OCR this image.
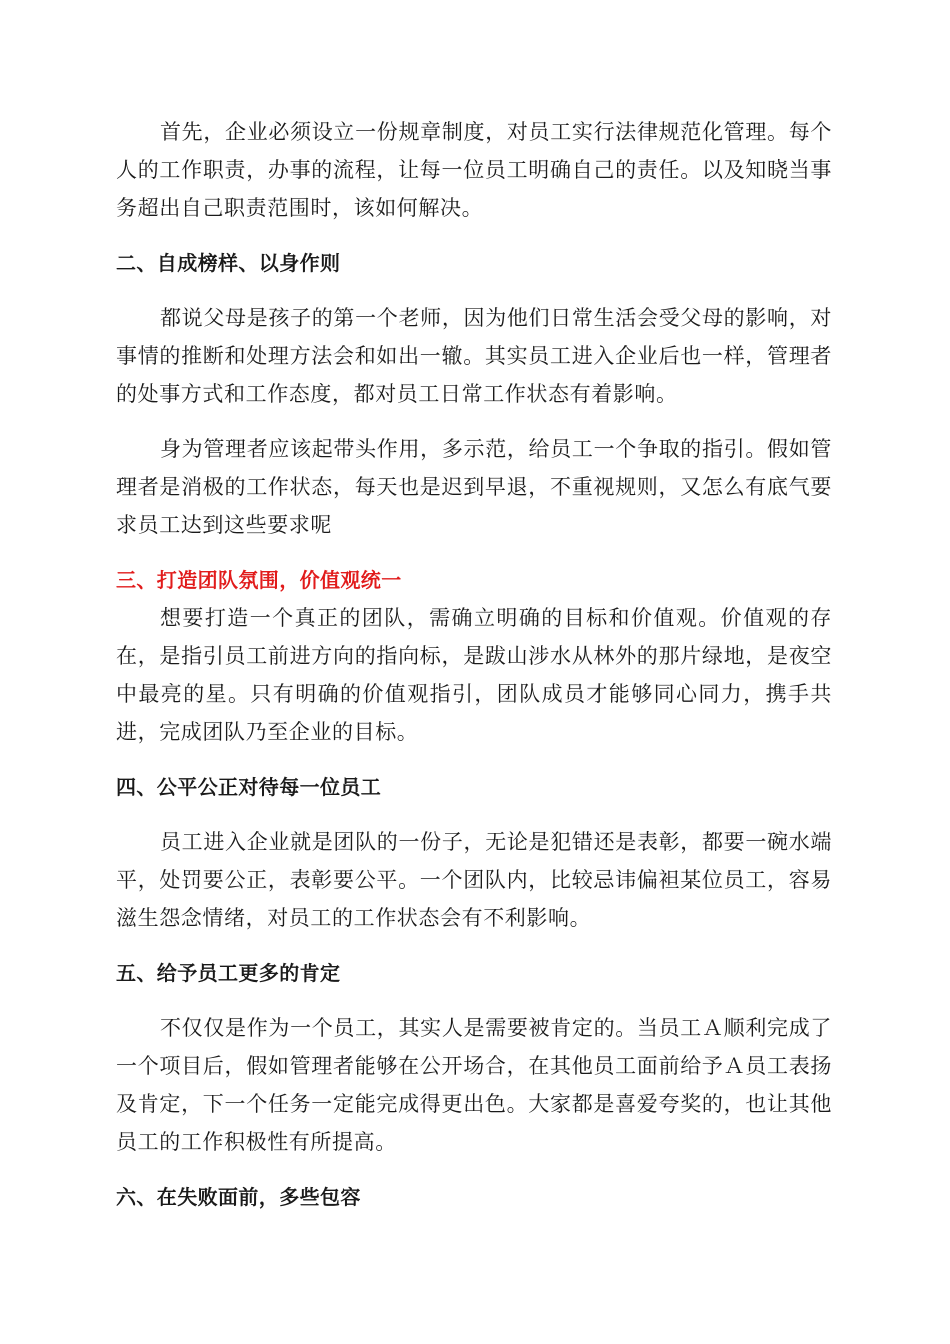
首先，企业必须设立一份规章制度，对员工实行法律规范化管理。每个人的工作职责，办事的流程，让每一位员工明确自己的责任。以及知晓当事务超出自己职责范围时，该如何解决。

二、自成榜样、以身作则

都说父母是孩子的第一个老师，因为他们日常生活会受父母的影响，对事情的推断和处理方法会和如出一辙。其实员工进入企业后也一样，管理者的处事方式和工作态度，都对员工日常工作状态有着影响。

身为管理者应该起带头作用，多示范，给员工一个争取的指引。假如管理者是消极的工作状态，每天也是迟到早退，不重视规则，又怎么有底气要求员工达到这些要求呢

三、打造团队氛围，价值观统一

想要打造一个真正的团队，需确立明确的目标和价值观。价值观的存在，是指引员工前进方向的指向标，是跋山涉水从林外的那片绿地，是夜空中最亮的星。只有明确的价值观指引，团队成员才能够同心同力，携手共进，完成团队乃至企业的目标。

四、公平公正对待每一位员工

员工进入企业就是团队的一份子，无论是犯错还是表彰，都要一碗水端平，处罚要公正，表彰要公平。一个团队内，比较忌讳偏袒某位员工，容易滋生怨念情绪，对员工的工作状态会有不利影响。

五、给予员工更多的肯定

不仅仅是作为一个员工，其实人是需要被肯定的。当员工Ａ顺利完成了一个项目后，假如管理者能够在公开场合，在其他员工面前给予Ａ员工表扬及肯定，下一个任务一定能完成得更出色。大家都是喜爱夸奖的，也让其他员工的工作积极性有所提高。

六、在失败面前，多些包容
